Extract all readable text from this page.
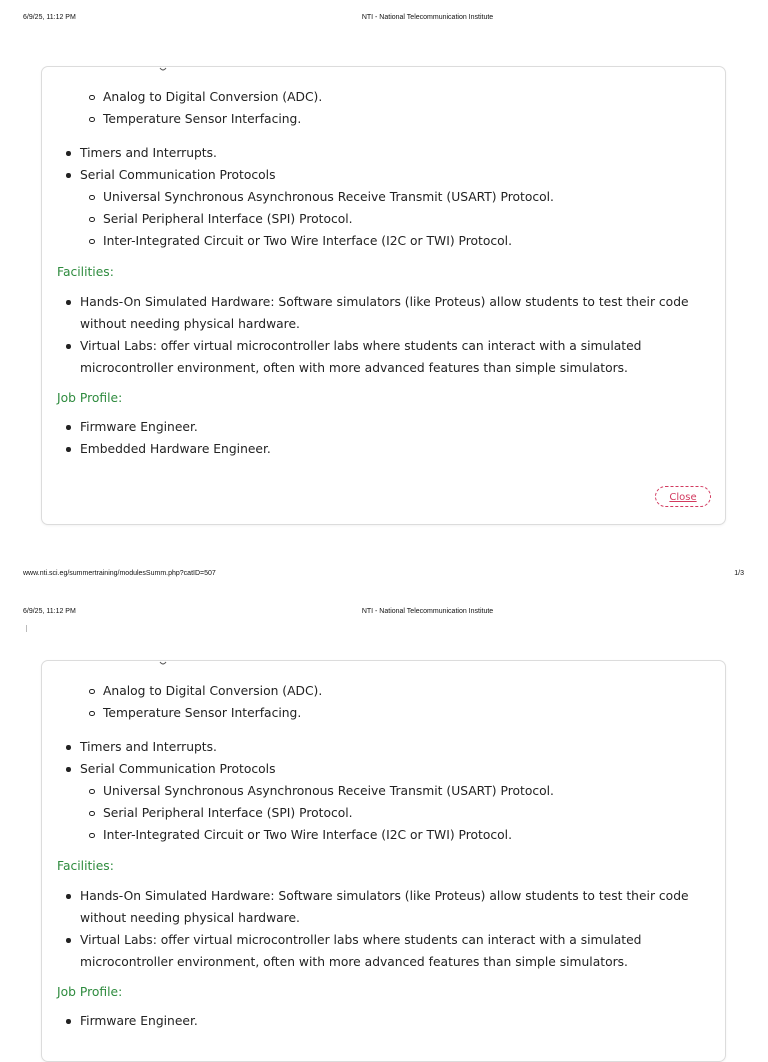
6/9/25, 11:12 PM	NTI - National Telecommunication Institute
Analog to Digital Conversion (ADC).
Temperature Sensor Interfacing.
Timers and Interrupts.
Serial Communication Protocols
Universal Synchronous Asynchronous Receive Transmit (USART) Protocol.
Serial Peripheral Interface (SPI) Protocol.
Inter-Integrated Circuit or Two Wire Interface (I2C or TWI) Protocol.
Facilities:
Hands-On Simulated Hardware: Software simulators (like Proteus) allow students to test their code
without needing physical hardware.
Virtual Labs: offer virtual microcontroller labs where students can interact with a simulated
microcontroller environment, often with more advanced features than simple simulators.
Job Profile:
Firmware Engineer.
Embedded Hardware Engineer.
Close
www.nti.sci.eg/summertraining/modulesSumm.php?catID=507	1/3
6/9/25, 11:12 PM	NTI - National Telecommunication Institute
Analog to Digital Conversion (ADC).
Temperature Sensor Interfacing.
Timers and Interrupts.
Serial Communication Protocols
Universal Synchronous Asynchronous Receive Transmit (USART) Protocol.
Serial Peripheral Interface (SPI) Protocol.
Inter-Integrated Circuit or Two Wire Interface (I2C or TWI) Protocol.
Facilities:
Hands-On Simulated Hardware: Software simulators (like Proteus) allow students to test their code
without needing physical hardware.
Virtual Labs: offer virtual microcontroller labs where students can interact with a simulated
microcontroller environment, often with more advanced features than simple simulators.
Job Profile:
Firmware Engineer.
